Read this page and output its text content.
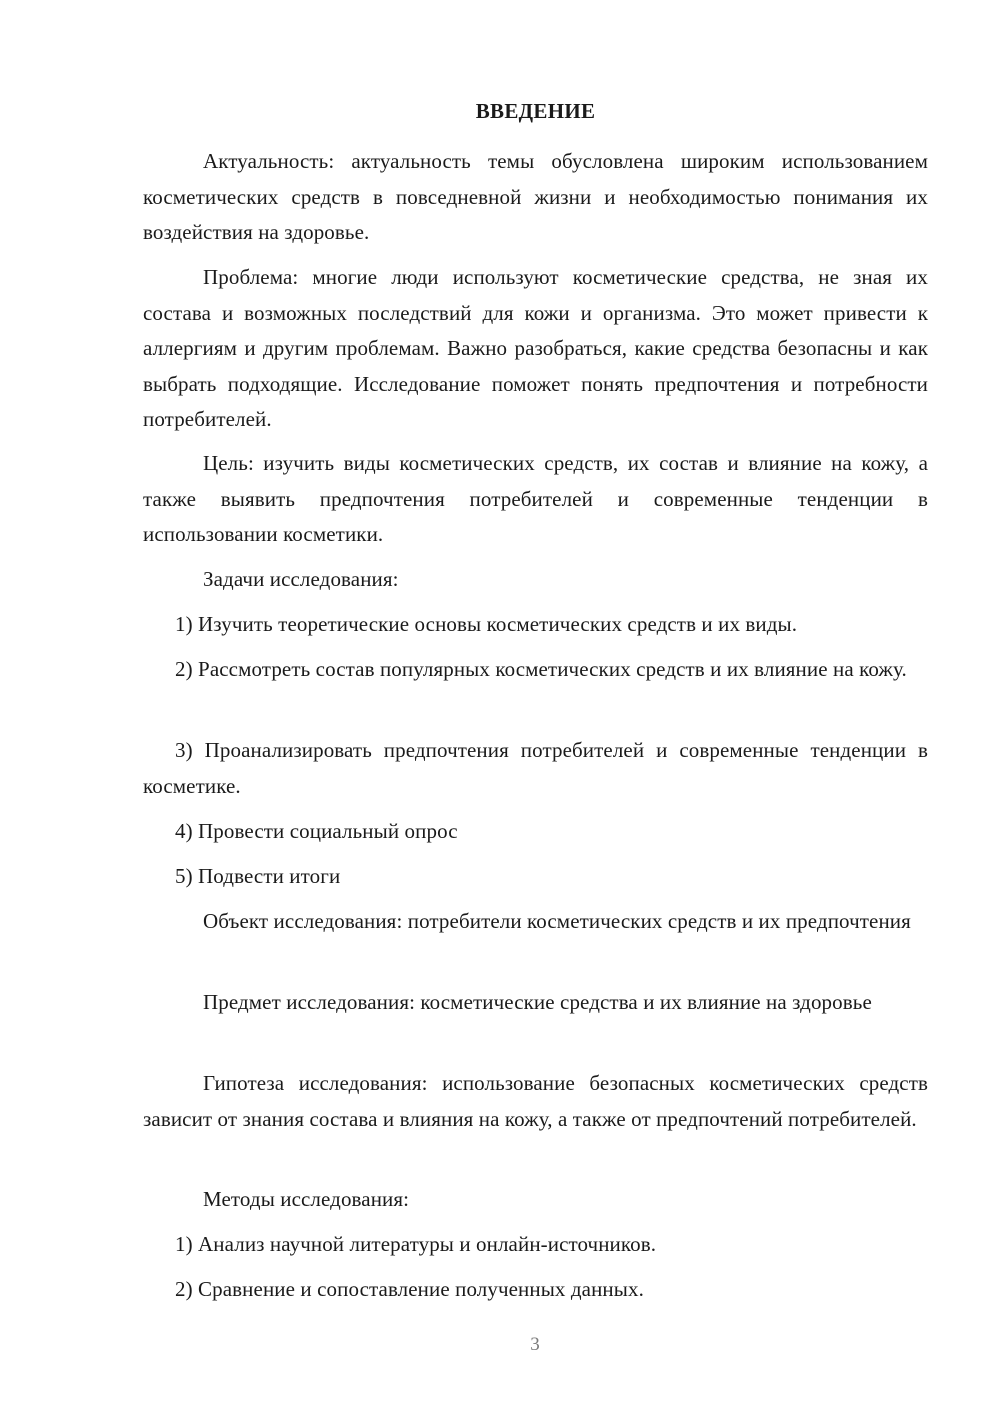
ВВЕДЕНИЕ

Актуальность: актуальность темы обусловлена широким использованием косметических средств в повседневной жизни и необходимостью понимания их воздействия на здоровье.

Проблема: многие люди используют косметические средства, не зная их состава и возможных последствий для кожи и организма. Это может привести к аллергиям и другим проблемам. Важно разобраться, какие средства безопасны и как выбрать подходящие. Исследование поможет понять предпочтения и потребности потребителей.

Цель: изучить виды косметических средств, их состав и влияние на кожу, а также выявить предпочтения потребителей и современные тенденции в использовании косметики.

Задачи исследования:

1) Изучить теоретические основы косметических средств и их виды.

2) Рассмотреть состав популярных косметических средств и их влияние на кожу.

3) Проанализировать предпочтения потребителей и современные тенденции в косметике.

4) Провести социальный опрос

5) Подвести итоги

Объект исследования: потребители косметических средств и их предпочтения

Предмет исследования: косметические средства и их влияние на здоровье

Гипотеза исследования: использование безопасных косметических средств зависит от знания состава и влияния на кожу, а также от предпочтений потребителей.

Методы исследования:

1) Анализ научной литературы и онлайн-источников.

2) Сравнение и сопоставление полученных данных.

3
